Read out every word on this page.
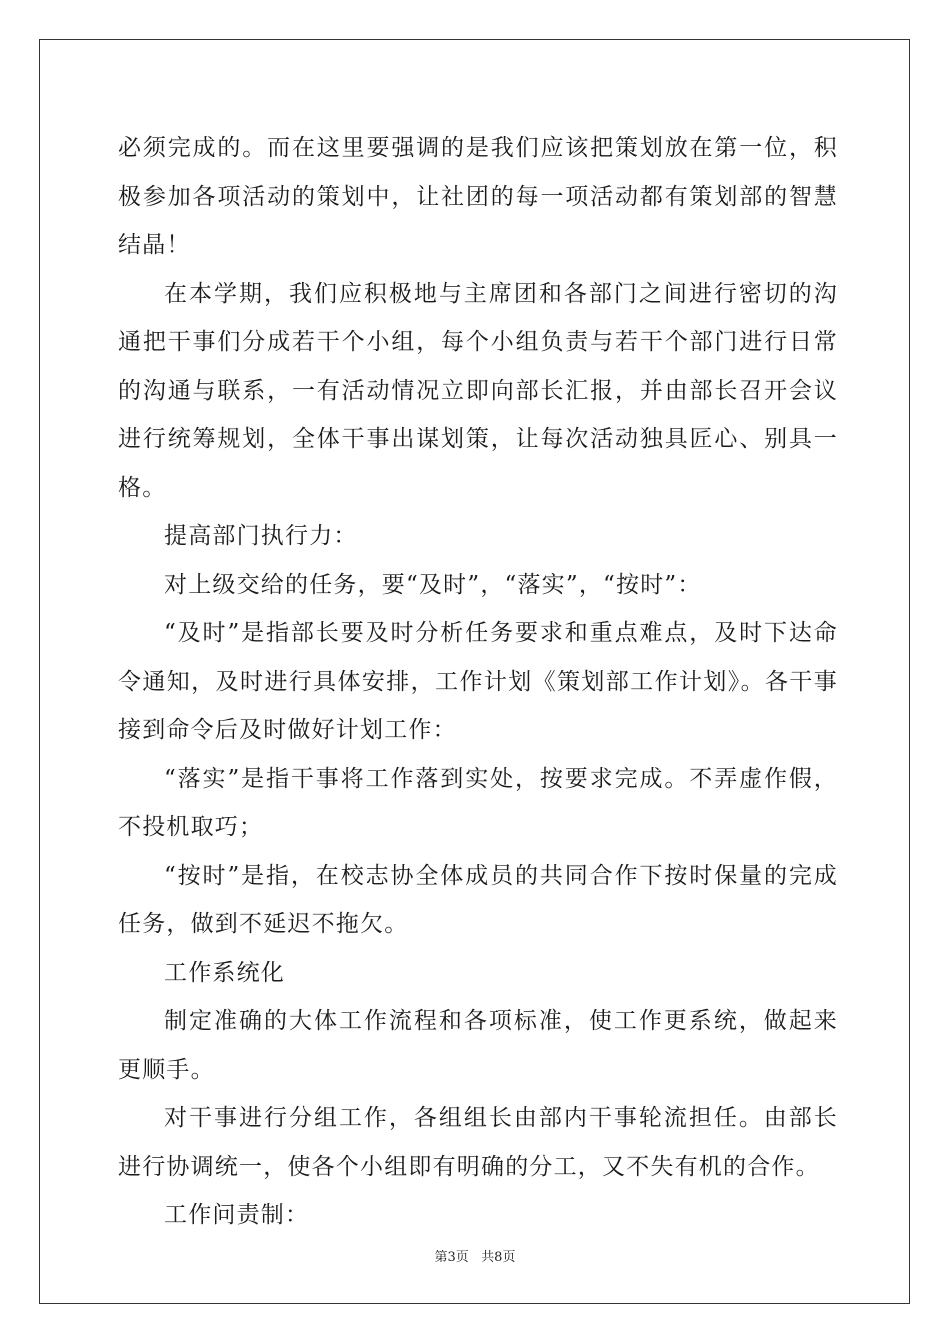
必须完成的。而在这里要强调的是我们应该把策划放在第一位，积极参加各项活动的策划中，让社团的每一项活动都有策划部的智慧结晶！

在本学期，我们应积极地与主席团和各部门之间进行密切的沟通把干事们分成若干个小组，每个小组负责与若干个部门进行日常的沟通与联系，一有活动情况立即向部长汇报，并由部长召开会议进行统筹规划，全体干事出谋划策，让每次活动独具匠心、别具一格。

提高部门执行力：

对上级交给的任务，要“及时”，“落实”，“按时”：

“及时”是指部长要及时分析任务要求和重点难点，及时下达命令通知，及时进行具体安排，工作计划《策划部工作计划》。各干事接到命令后及时做好计划工作：

“落实”是指干事将工作落到实处，按要求完成。不弄虚作假，不投机取巧；

“按时”是指，在校志协全体成员的共同合作下按时保量的完成任务，做到不延迟不拖欠。

工作系统化

制定准确的大体工作流程和各项标准，使工作更系统，做起来更顺手。

对干事进行分组工作，各组组长由部内干事轮流担任。由部长进行协调统一，使各个小组即有明确的分工，又不失有机的合作。

工作问责制：

第3页   共8页
